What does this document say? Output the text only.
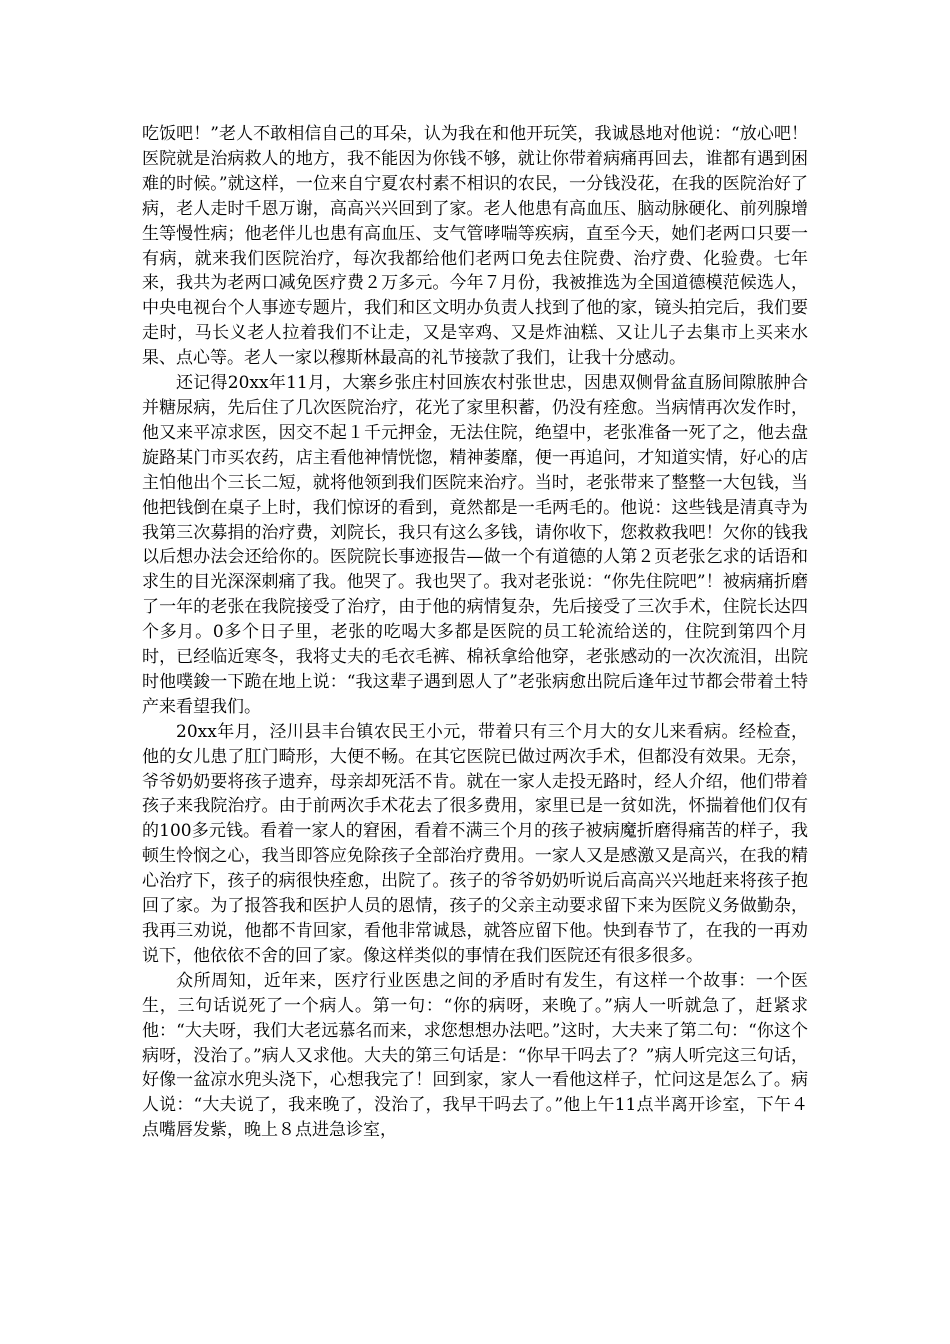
吃饭吧！”老人不敢相信自己的耳朵，认为我在和他开玩笑，我诚恳地对他说：“放心吧！医院就是治病救人的地方，我不能因为你钱不够，就让你带着病痛再回去，谁都有遇到困难的时候。”就这样，一位来自宁夏农村素不相识的农民，一分钱没花，在我的医院治好了病，老人走时千恩万谢，高高兴兴回到了家。老人他患有高血压、脑动脉硬化、前列腺增生等慢性病；他老伴儿也患有高血压、支气管哮喘等疾病，直至今天，她们老两口只要一有病，就来我们医院治疗，每次我都给他们老两口免去住院费、治疗费、化验费。七年来，我共为老两口减免医疗费２万多元。今年７月份，我被推选为全国道德模范候选人，中央电视台个人事迹专题片，我们和区文明办负责人找到了他的家，镜头拍完后，我们要走时，马长义老人拉着我们不让走，又是宰鸡、又是炸油糕、又让儿子去集市上买来水果、点心等。老人一家以穆斯林最高的礼节接款了我们，让我十分感动。

还记得20xx年11月，大寨乡张庄村回族农村张世忠，因患双侧骨盆直肠间隙脓肿合并糖尿病，先后住了几次医院治疗，花光了家里积蓄，仍没有痊愈。当病情再次发作时，他又来平凉求医，因交不起１千元押金，无法住院，绝望中，老张准备一死了之，他去盘旋路某门市买农药，店主看他神情恍惚，精神萎靡，便一再追问，才知道实情，好心的店主怕他出个三长二短，就将他领到我们医院来治疗。当时，老张带来了整整一大包钱，当他把钱倒在桌子上时，我们惊讶的看到，竟然都是一毛两毛的。他说：这些钱是清真寺为我第三次募捐的治疗费，刘院长，我只有这么多钱，请你收下，您救救我吧！欠你的钱我以后想办法会还给你的。医院院长事迹报告—做一个有道德的人第２页老张乞求的话语和求生的目光深深刺痛了我。他哭了。我也哭了。我对老张说：“你先住院吧”！被病痛折磨了一年的老张在我院接受了治疗，由于他的病情复杂，先后接受了三次手术，住院长达四个多月。0多个日子里，老张的吃喝大多都是医院的员工轮流给送的，住院到第四个月时，已经临近寒冬，我将丈夫的毛衣毛裤、棉袄拿给他穿，老张感动的一次次流泪，出院时他噗鋑一下跪在地上说：“我这辈子遇到恩人了”老张病愈出院后逢年过节都会带着土特产来看望我们。

20xx年月，泾川县丰台镇农民王小元，带着只有三个月大的女儿来看病。经检查，他的女儿患了肛门畸形，大便不畅。在其它医院已做过两次手术，但都没有效果。无奈，爷爷奶奶要将孩子遗弃，母亲却死活不肯。就在一家人走投无路时，经人介绍，他们带着孩子来我院治疗。由于前两次手术花去了很多费用，家里已是一贫如洗，怀揣着他们仅有的100多元钱。看着一家人的窘困，看着不满三个月的孩子被病魔折磨得痛苦的样子，我顿生怜悯之心，我当即答应免除孩子全部治疗费用。一家人又是感激又是高兴，在我的精心治疗下，孩子的病很快痊愈，出院了。孩子的爷爷奶奶听说后高高兴兴地赶来将孩子抱回了家。为了报答我和医护人员的恩情，孩子的父亲主动要求留下来为医院义务做勤杂，我再三劝说，他都不肯回家，看他非常诚恳，就答应留下他。快到春节了，在我的一再劝说下，他依依不舍的回了家。像这样类似的事情在我们医院还有很多很多。

众所周知，近年来，医疗行业医患之间的矛盾时有发生，有这样一个故事：一个医生，三句话说死了一个病人。第一句：“你的病呀，来晚了。”病人一听就急了，赶紧求他：“大夫呀，我们大老远慕名而来，求您想想办法吧。”这时，大夫来了第二句：“你这个病呀，没治了。”病人又求他。大夫的第三句话是：“你早干吗去了？”病人听完这三句话，好像一盆凉水兜头浇下，心想我完了！回到家，家人一看他这样子，忙问这是怎么了。病人说：“大夫说了，我来晚了，没治了，我早干吗去了。”他上午11点半离开诊室，下午４点嘴唇发紫，晚上８点进急诊室，
